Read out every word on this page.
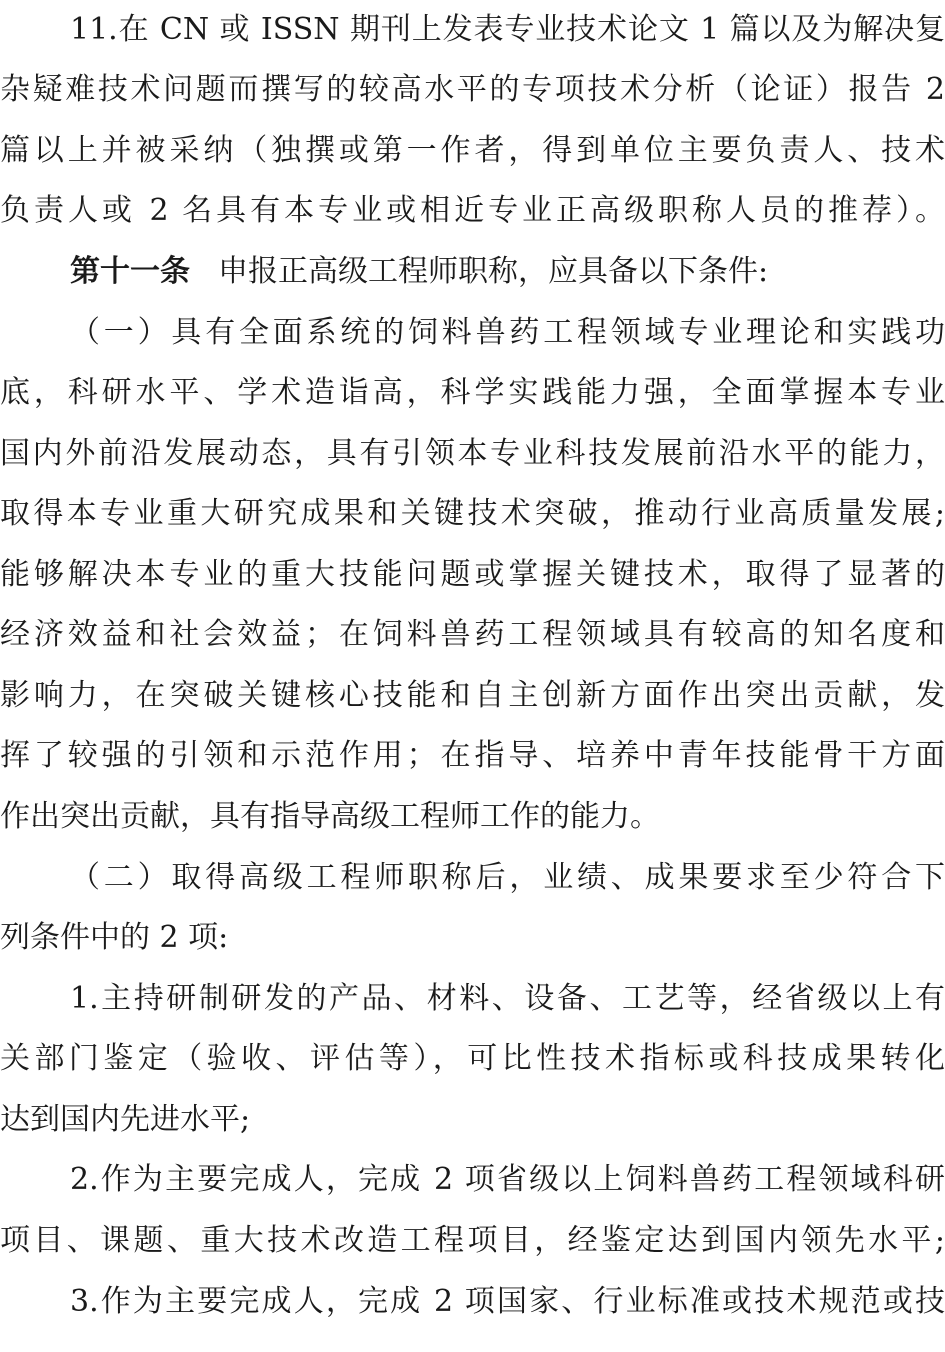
11.在 CN 或 ISSN 期刊上发表专业技术论文 1 篇以及为解决复
杂疑难技术问题而撰写的较高水平的专项技术分析（论证）报告 2
篇以上并被采纳（独撰或第一作者，得到单位主要负责人、技术
负责人或 2 名具有本专业或相近专业正高级职称人员的推荐）。
第十一条 申报正高级工程师职称，应具备以下条件:
（一）具有全面系统的饲料兽药工程领域专业理论和实践功
底，科研水平、学术造诣高，科学实践能力强，全面掌握本专业
国内外前沿发展动态，具有引领本专业科技发展前沿水平的能力，
取得本专业重大研究成果和关键技术突破，推动行业高质量发展;
能够解决本专业的重大技能问题或掌握关键技术，取得了显著的
经济效益和社会效益；在饲料兽药工程领域具有较高的知名度和
影响力，在突破关键核心技能和自主创新方面作出突出贡献，发
挥了较强的引领和示范作用；在指导、培养中青年技能骨干方面
作出突出贡献，具有指导高级工程师工作的能力。
（二）取得高级工程师职称后，业绩、成果要求至少符合下
列条件中的 2 项:
1.主持研制研发的产品、材料、设备、工艺等，经省级以上有
关部门鉴定（验收、评估等），可比性技术指标或科技成果转化
达到国内先进水平;
2.作为主要完成人，完成 2 项省级以上饲料兽药工程领域科研
项目、课题、重大技术改造工程项目，经鉴定达到国内领先水平;
3.作为主要完成人，完成 2 项国家、行业标准或技术规范或技
